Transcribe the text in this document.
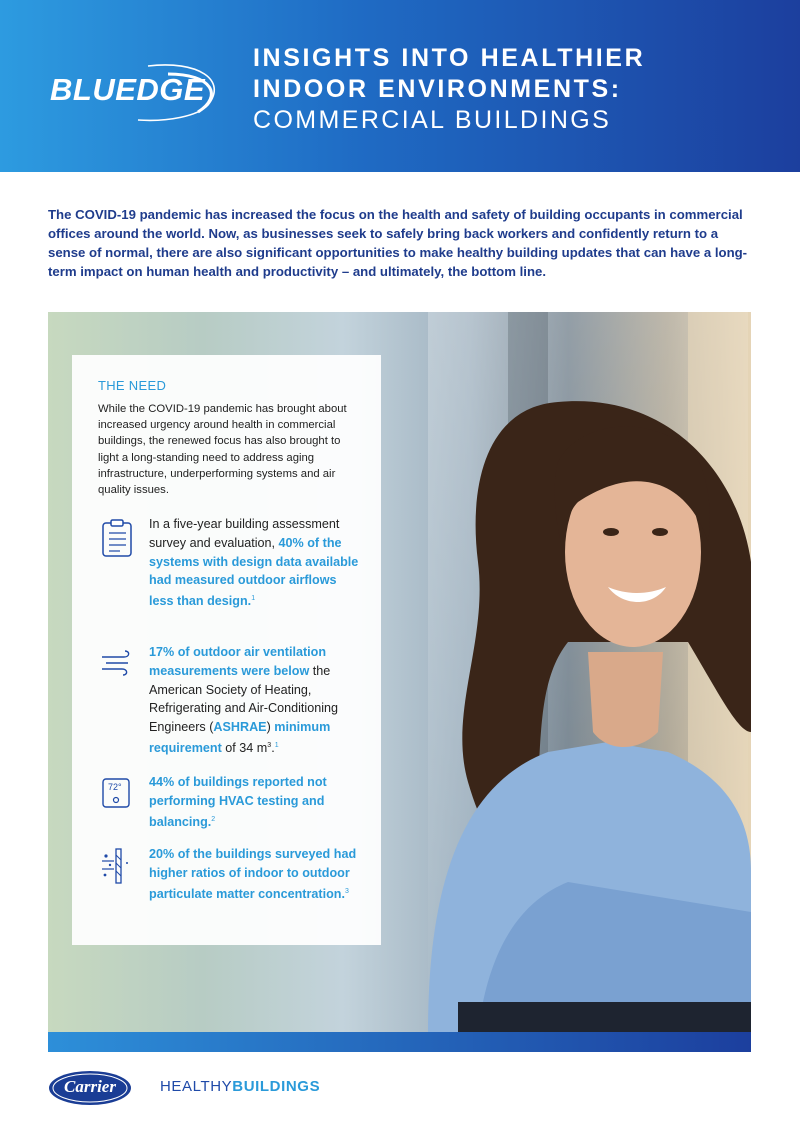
BLUEDGE
INSIGHTS INTO HEALTHIER
INDOOR ENVIRONMENTS:
COMMERCIAL BUILDINGS
The COVID-19 pandemic has increased the focus on the health and safety of building occupants in commercial offices around the world. Now, as businesses seek to safely bring back workers and confidently return to a sense of normal, there are also significant opportunities to make healthy building updates that can have a long-term impact on human health and productivity – and ultimately, the bottom line.
THE NEED
While the COVID-19 pandemic has brought about increased urgency around health in commercial buildings, the renewed focus has also brought to light a long-standing need to address aging infrastructure, underperforming systems and air quality issues.
In a five-year building assessment survey and evaluation, 40% of the systems with design data available had measured outdoor airflows less than design.$^1$
17% of outdoor air ventilation measurements were below the American Society of Heating, Refrigerating and Air-Conditioning Engineers (ASHRAE) minimum requirement of 34 $m^3.^1$
72° 44% of buildings reported not performing HVAC testing and balancing.$^2$
20% of the buildings surveyed had higher ratios of indoor to outdoor particulate matter concentration.$^3$
Carrier	HEALTHYBUILDINGS
